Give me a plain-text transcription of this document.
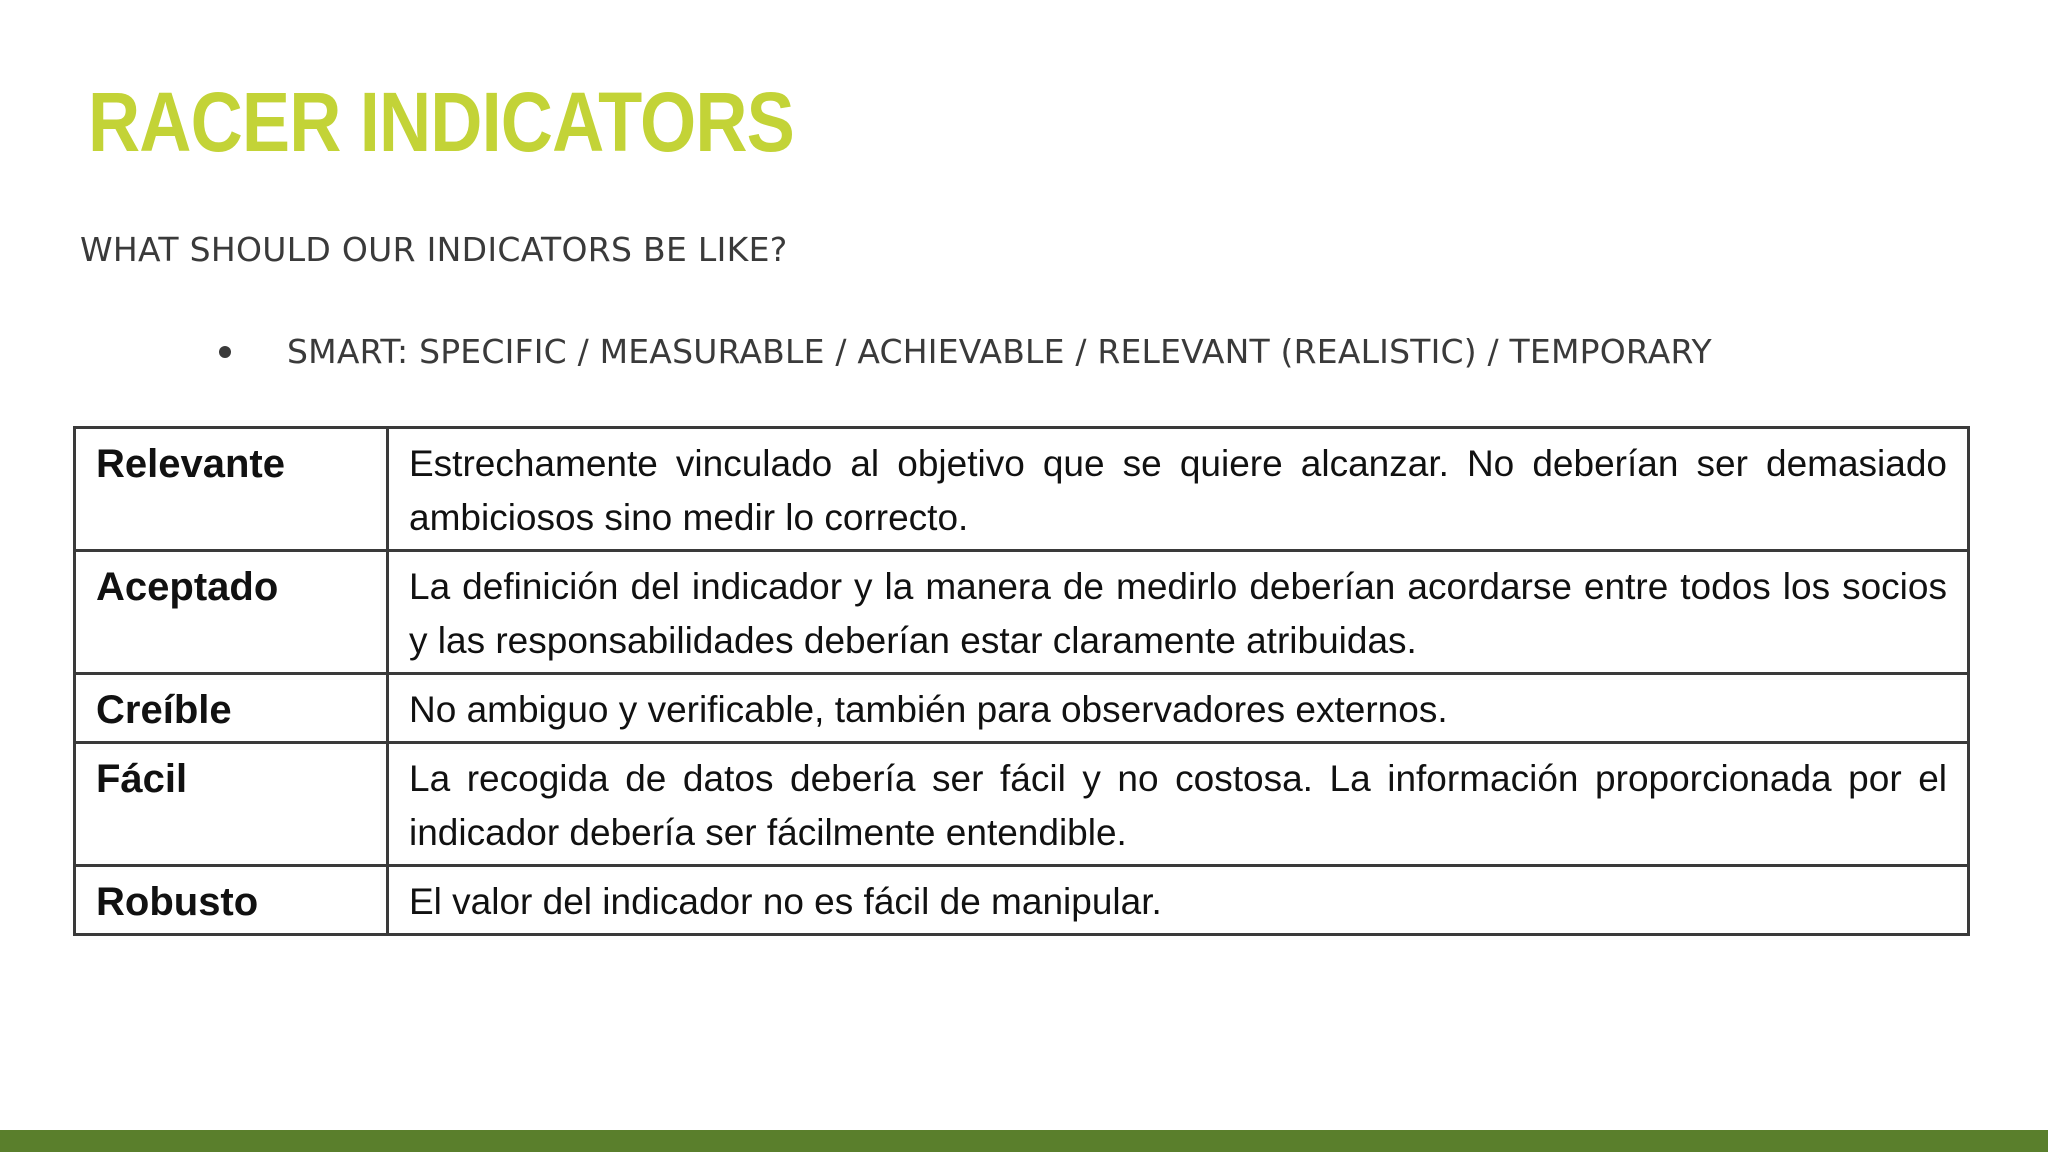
RACER INDICATORS
WHAT SHOULD OUR INDICATORS BE LIKE?
SMART: SPECIFIC / MEASURABLE / ACHIEVABLE / RELEVANT (REALISTIC) / TEMPORARY
Relevante	Estrechamente vinculado al objetivo que se quiere alcanzar. No deberían ser demasiado ambiciosos sino medir lo correcto.
Aceptado	La definición del indicador y la manera de medirlo deberían acordarse entre todos los socios y las responsabilidades deberían estar claramente atribuidas.
Creíble	No ambiguo y verificable, también para observadores externos.
Fácil	La recogida de datos debería ser fácil y no costosa. La información proporcionada por el indicador debería ser fácilmente entendible.
Robusto	El valor del indicador no es fácil de manipular.
